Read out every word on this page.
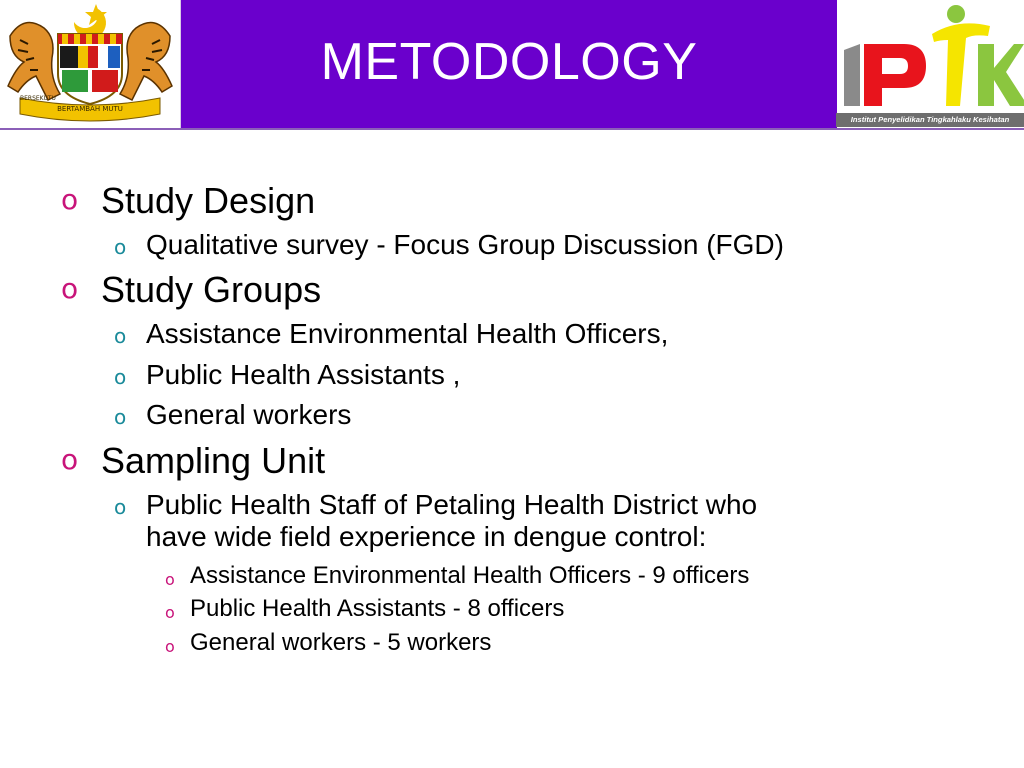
BERTAMBAH MUTU
BERSEKUTU
METODOLOGY
Institut Penyelidikan Tingkahlaku Kesihatan
o Study Design
o Qualitative survey - Focus Group Discussion (FGD)
o Study Groups
o Assistance Environmental Health Officers,
o Public Health Assistants ,
o General workers
o Sampling Unit
o Public Health Staff of Petaling Health District who
have wide field experience in dengue control:
o Assistance Environmental Health Officers - 9 officers
o Public Health Assistants - 8 officers
o General workers - 5 workers
